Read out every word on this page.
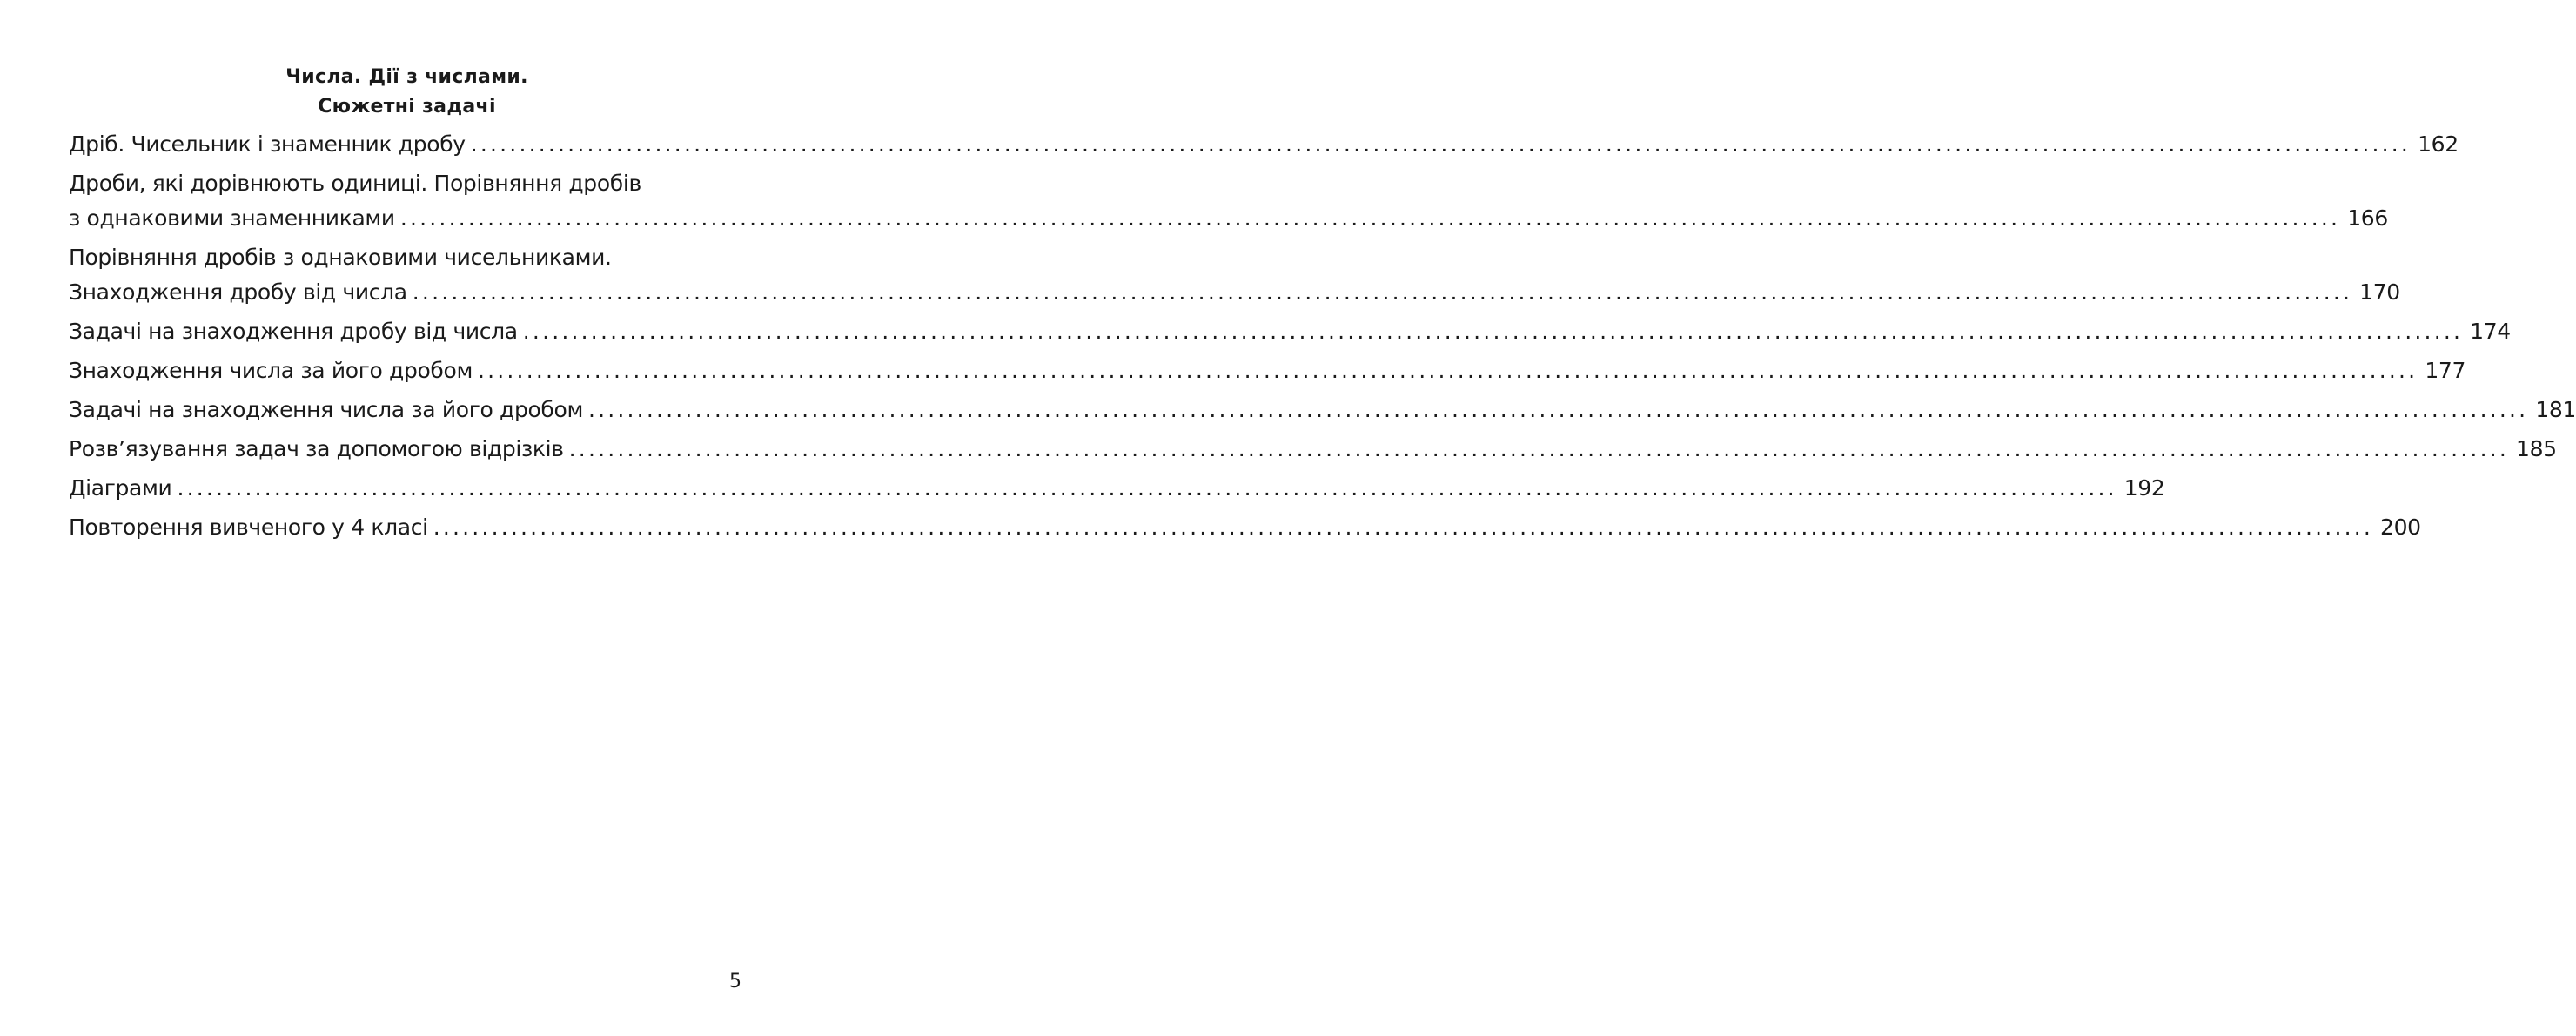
Числа. Дії з числами.
Сюжетні задачі
Дріб. Чисельник і знаменник дробу ........................................................................................................................................................................................................ 162
Дроби, які дорівнюють одиниці. Порівняння дробів
з однаковими знаменниками ........................................................................................................................................................................................................ 166
Порівняння дробів з однаковими чисельниками.
Знаходження дробу від числа ........................................................................................................................................................................................................ 170
Задачі на знаходження дробу від числа ........................................................................................................................................................................................................ 174
Знаходження числа за його дробом ........................................................................................................................................................................................................ 177
Задачі на знаходження числа за його дробом ........................................................................................................................................................................................................ 181
Розв’язування задач за допомогою відрізків ........................................................................................................................................................................................................ 185
Діаграми ........................................................................................................................................................................................................ 192
Повторення вивченого у 4 класі ........................................................................................................................................................................................................ 200
5
